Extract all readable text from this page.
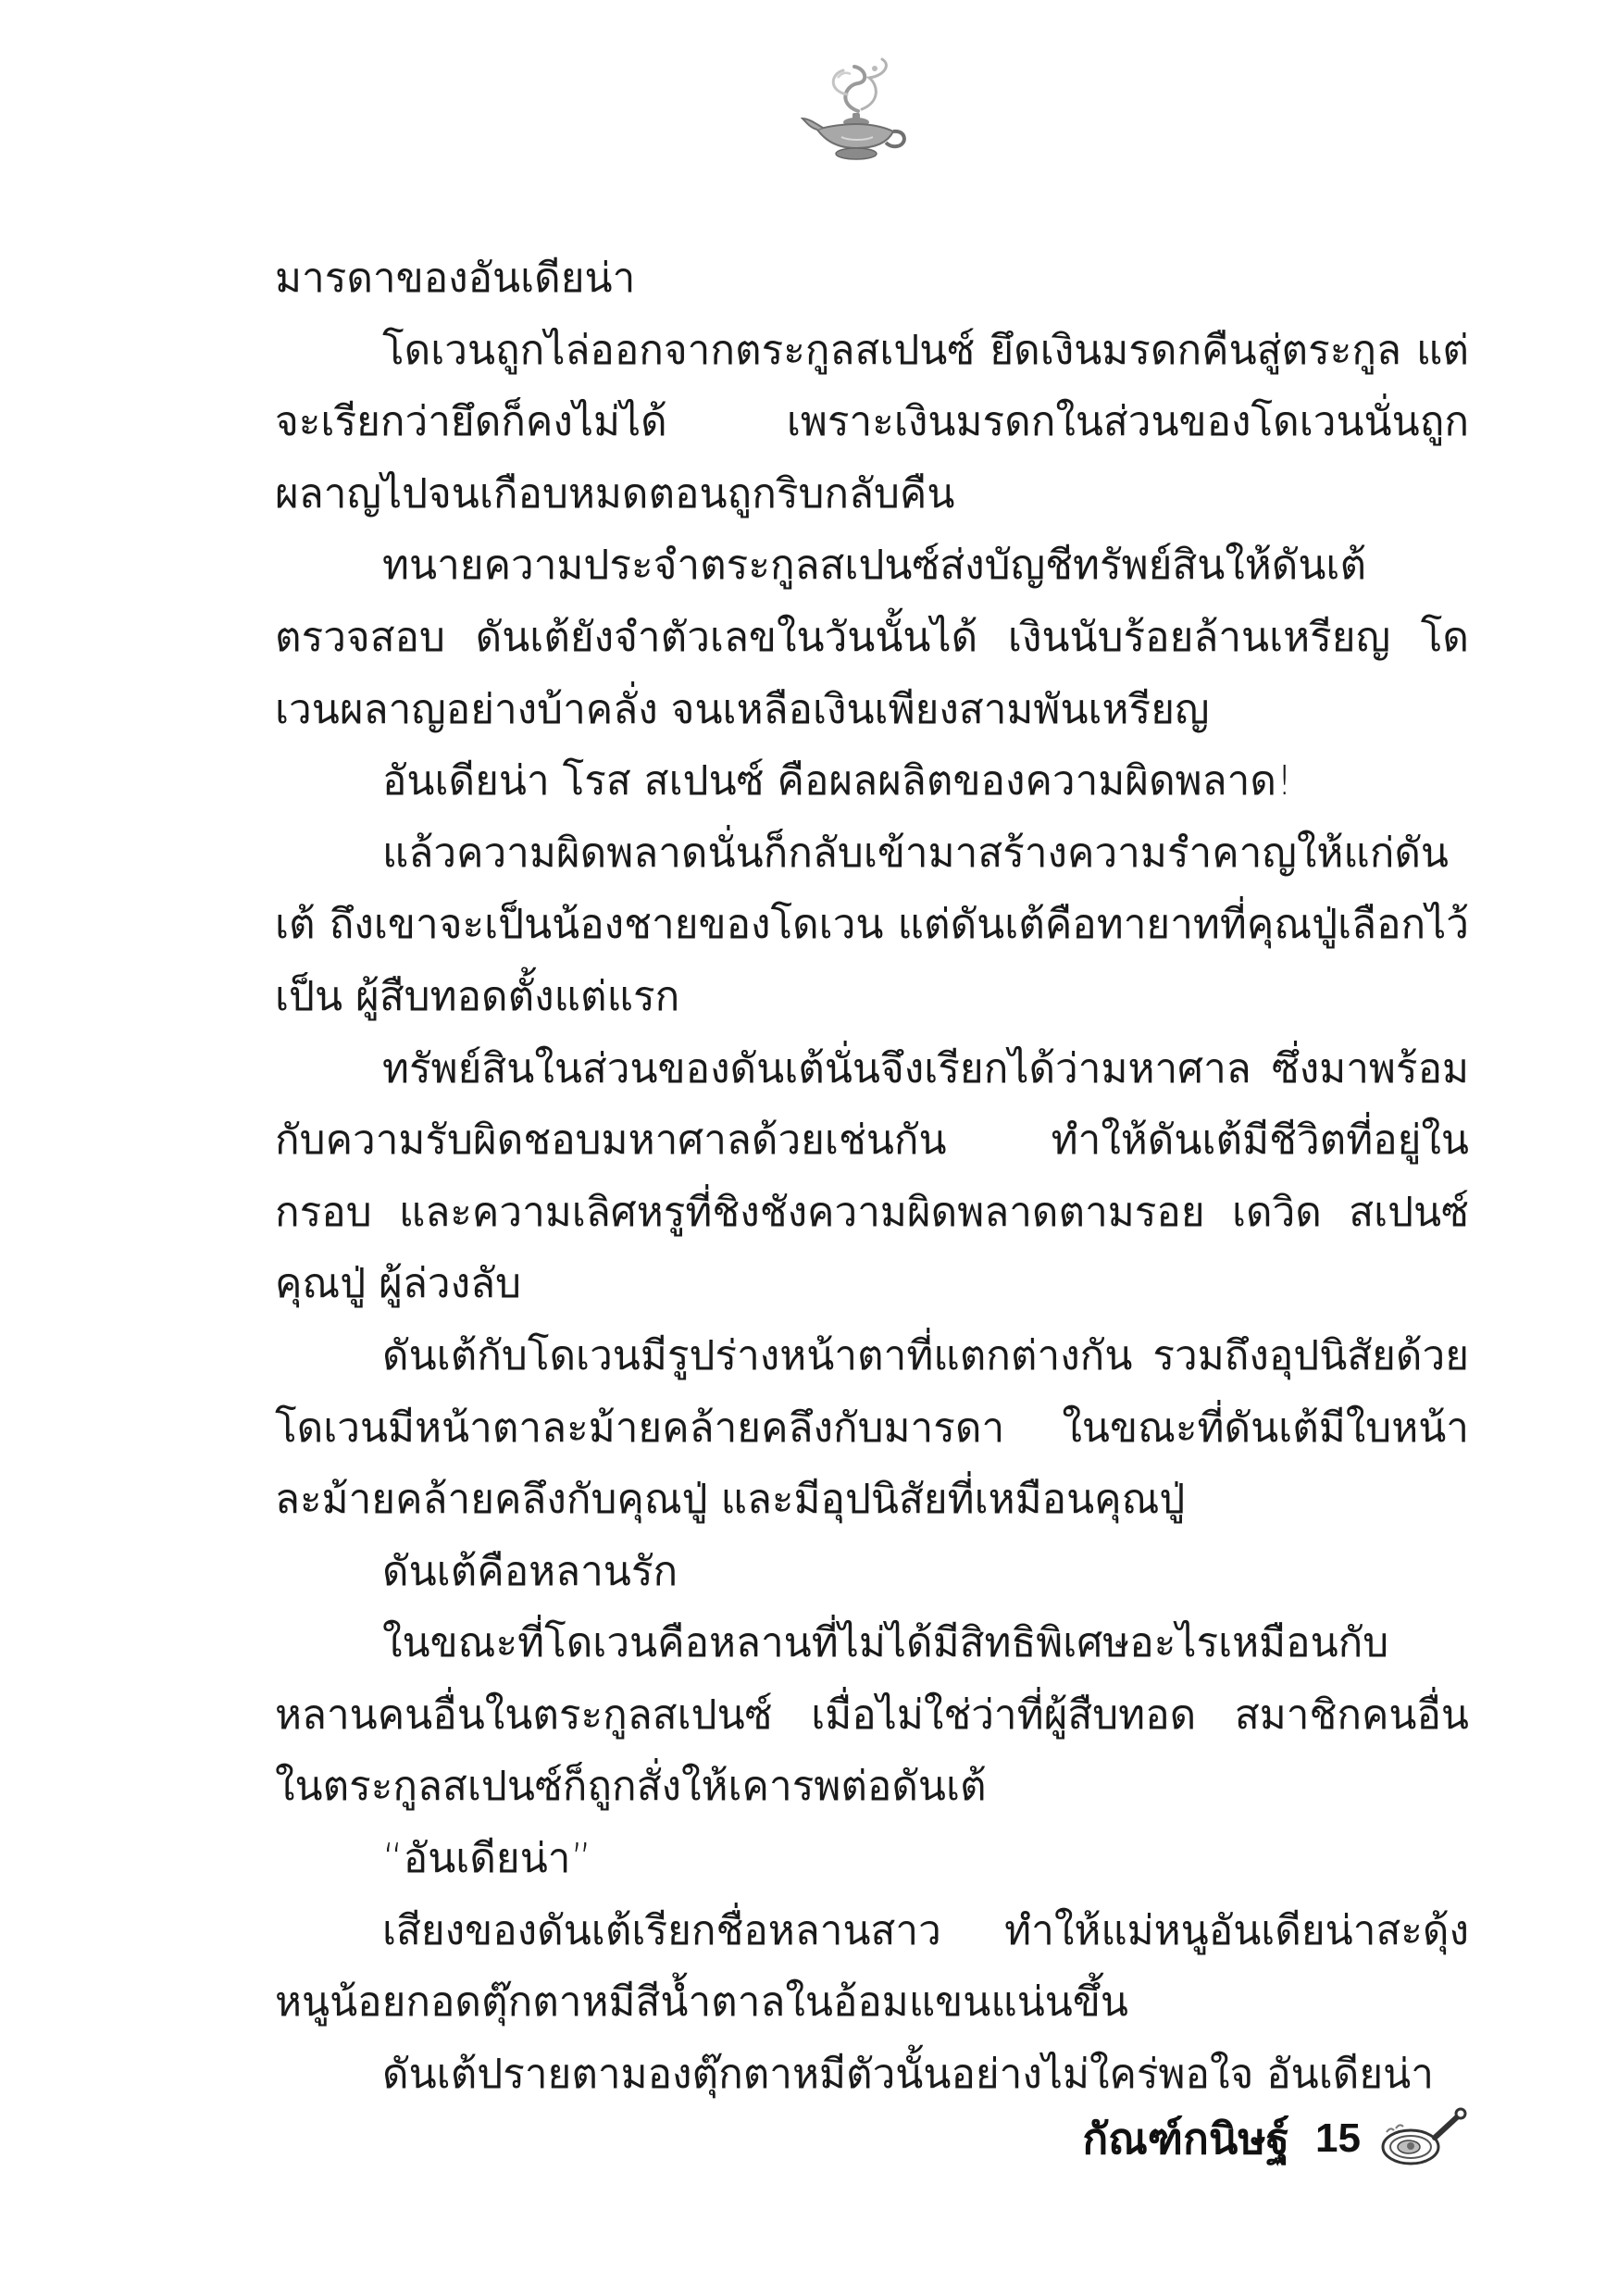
มารดาของอันเดียน่า

โดเวนถูกไล่ออกจากตระกูลสเปนซ์ ยึดเงินมรดกคืนสู่ตระกูล แต่จะเรียกว่ายึดก็คงไม่ได้ เพราะเงินมรดกในส่วนของโดเวนนั่นถูก ผลาญไปจนเกือบหมดตอนถูกริบกลับคืน

ทนายความประจำตระกูลสเปนซ์ส่งบัญชีทรัพย์สินให้ดันเต้ ตรวจสอบ ดันเต้ยังจำตัวเลขในวันนั้นได้ เงินนับร้อยล้านเหรียญ โดเวนผลาญอย่างบ้าคลั่ง จนเหลือเงินเพียงสามพันเหรียญ

อันเดียน่า โรส สเปนซ์ คือผลผลิตของความผิดพลาด!

แล้วความผิดพลาดนั่นก็กลับเข้ามาสร้างความรำคาญให้แก่ดันเต้ ถึงเขาจะเป็นน้องชายของโดเวน แต่ดันเต้คือทายาทที่คุณปู่เลือกไว้เป็น ผู้สืบทอดตั้งแต่แรก

ทรัพย์สินในส่วนของดันเต้นั่นจึงเรียกได้ว่ามหาศาล ซึ่งมาพร้อม กับความรับผิดชอบมหาศาลด้วยเช่นกัน ทำให้ดันเต้มีชีวิตที่อยู่ในกรอบ และความเลิศหรูที่ชิงชังความผิดพลาดตามรอย เดวิด สเปนซ์ คุณปู่ ผู้ล่วงลับ

ดันเต้กับโดเวนมีรูปร่างหน้าตาที่แตกต่างกัน รวมถึงอุปนิสัยด้วย โดเวนมีหน้าตาละม้ายคล้ายคลึงกับมารดา ในขณะที่ดันเต้มีใบหน้า ละม้ายคล้ายคลึงกับคุณปู่ และมีอุปนิสัยที่เหมือนคุณปู่

ดันเต้คือหลานรัก

ในขณะที่โดเวนคือหลานที่ไม่ได้มีสิทธิพิเศษอะไรเหมือนกับ หลานคนอื่นในตระกูลสเปนซ์ เมื่อไม่ใช่ว่าที่ผู้สืบทอด สมาชิกคนอื่น ในตระกูลสเปนซ์ก็ถูกสั่งให้เคารพต่อดันเต้

“อันเดียน่า”

เสียงของดันเต้เรียกชื่อหลานสาว ทำให้แม่หนูอันเดียน่าสะดุ้ง หนูน้อยกอดตุ๊กตาหมีสีน้ำตาลในอ้อมแขนแน่นขึ้น

ดันเต้ปรายตามองตุ๊กตาหมีตัวนั้นอย่างไม่ใคร่พอใจ อันเดียน่า

กัณฑ์กนิษฐ์ 15
